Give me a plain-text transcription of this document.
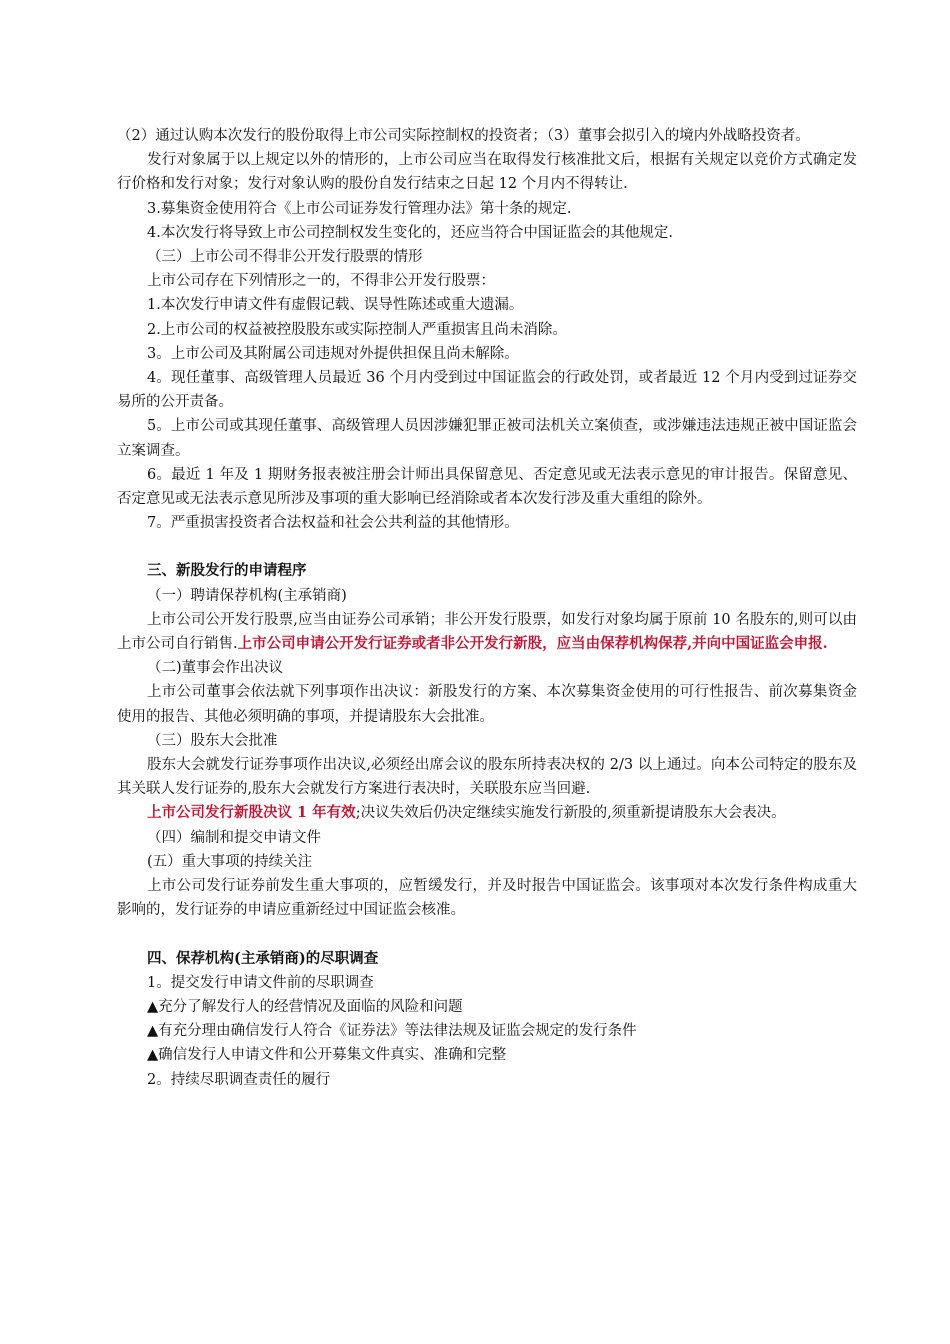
（2）通过认购本次发行的股份取得上市公司实际控制权的投资者；（3）董事会拟引入的境内外战略投资者。

发行对象属于以上规定以外的情形的，上市公司应当在取得发行核准批文后，根据有关规定以竞价方式确定发行价格和发行对象；发行对象认购的股份自发行结束之日起 12 个月内不得转让.

3.募集资金使用符合《上市公司证券发行管理办法》第十条的规定.

4.本次发行将导致上市公司控制权发生变化的，还应当符合中国证监会的其他规定.

（三）上市公司不得非公开发行股票的情形

上市公司存在下列情形之一的，不得非公开发行股票：

1.本次发行申请文件有虚假记载、误导性陈述或重大遗漏。

2.上市公司的权益被控股股东或实际控制人严重损害且尚未消除。

3。上市公司及其附属公司违规对外提供担保且尚未解除。

4。现任董事、高级管理人员最近 36 个月内受到过中国证监会的行政处罚，或者最近 12 个月内受到过证券交易所的公开责备。

5。上市公司或其现任董事、高级管理人员因涉嫌犯罪正被司法机关立案侦查，或涉嫌违法违规正被中国证监会立案调查。

6。最近 1 年及 1 期财务报表被注册会计师出具保留意见、否定意见或无法表示意见的审计报告。保留意见、否定意见或无法表示意见所涉及事项的重大影响已经消除或者本次发行涉及重大重组的除外。

7。严重损害投资者合法权益和社会公共利益的其他情形。

三、新股发行的申请程序

（一）聘请保荐机构(主承销商)

上市公司公开发行股票,应当由证券公司承销；非公开发行股票，如发行对象均属于原前 10 名股东的,则可以由上市公司自行销售.上市公司申请公开发行证券或者非公开发行新股，应当由保荐机构保荐,并向中国证监会申报.

（二)董事会作出决议

上市公司董事会依法就下列事项作出决议：新股发行的方案、本次募集资金使用的可行性报告、前次募集资金使用的报告、其他必须明确的事项，并提请股东大会批准。

（三）股东大会批准

股东大会就发行证券事项作出决议,必须经出席会议的股东所持表决权的 2/3 以上通过。向本公司特定的股东及其关联人发行证券的,股东大会就发行方案进行表决时，关联股东应当回避.

上市公司发行新股决议 1 年有效;决议失效后仍决定继续实施发行新股的,须重新提请股东大会表决。

（四）编制和提交申请文件

(五）重大事项的持续关注

上市公司发行证券前发生重大事项的，应暂缓发行，并及时报告中国证监会。该事项对本次发行条件构成重大影响的，发行证券的申请应重新经过中国证监会核准。

四、保荐机构(主承销商)的尽职调查

1。提交发行申请文件前的尽职调查

▲充分了解发行人的经营情况及面临的风险和问题

▲有充分理由确信发行人符合《证券法》等法律法规及证监会规定的发行条件

▲确信发行人申请文件和公开募集文件真实、准确和完整

2。持续尽职调查责任的履行
